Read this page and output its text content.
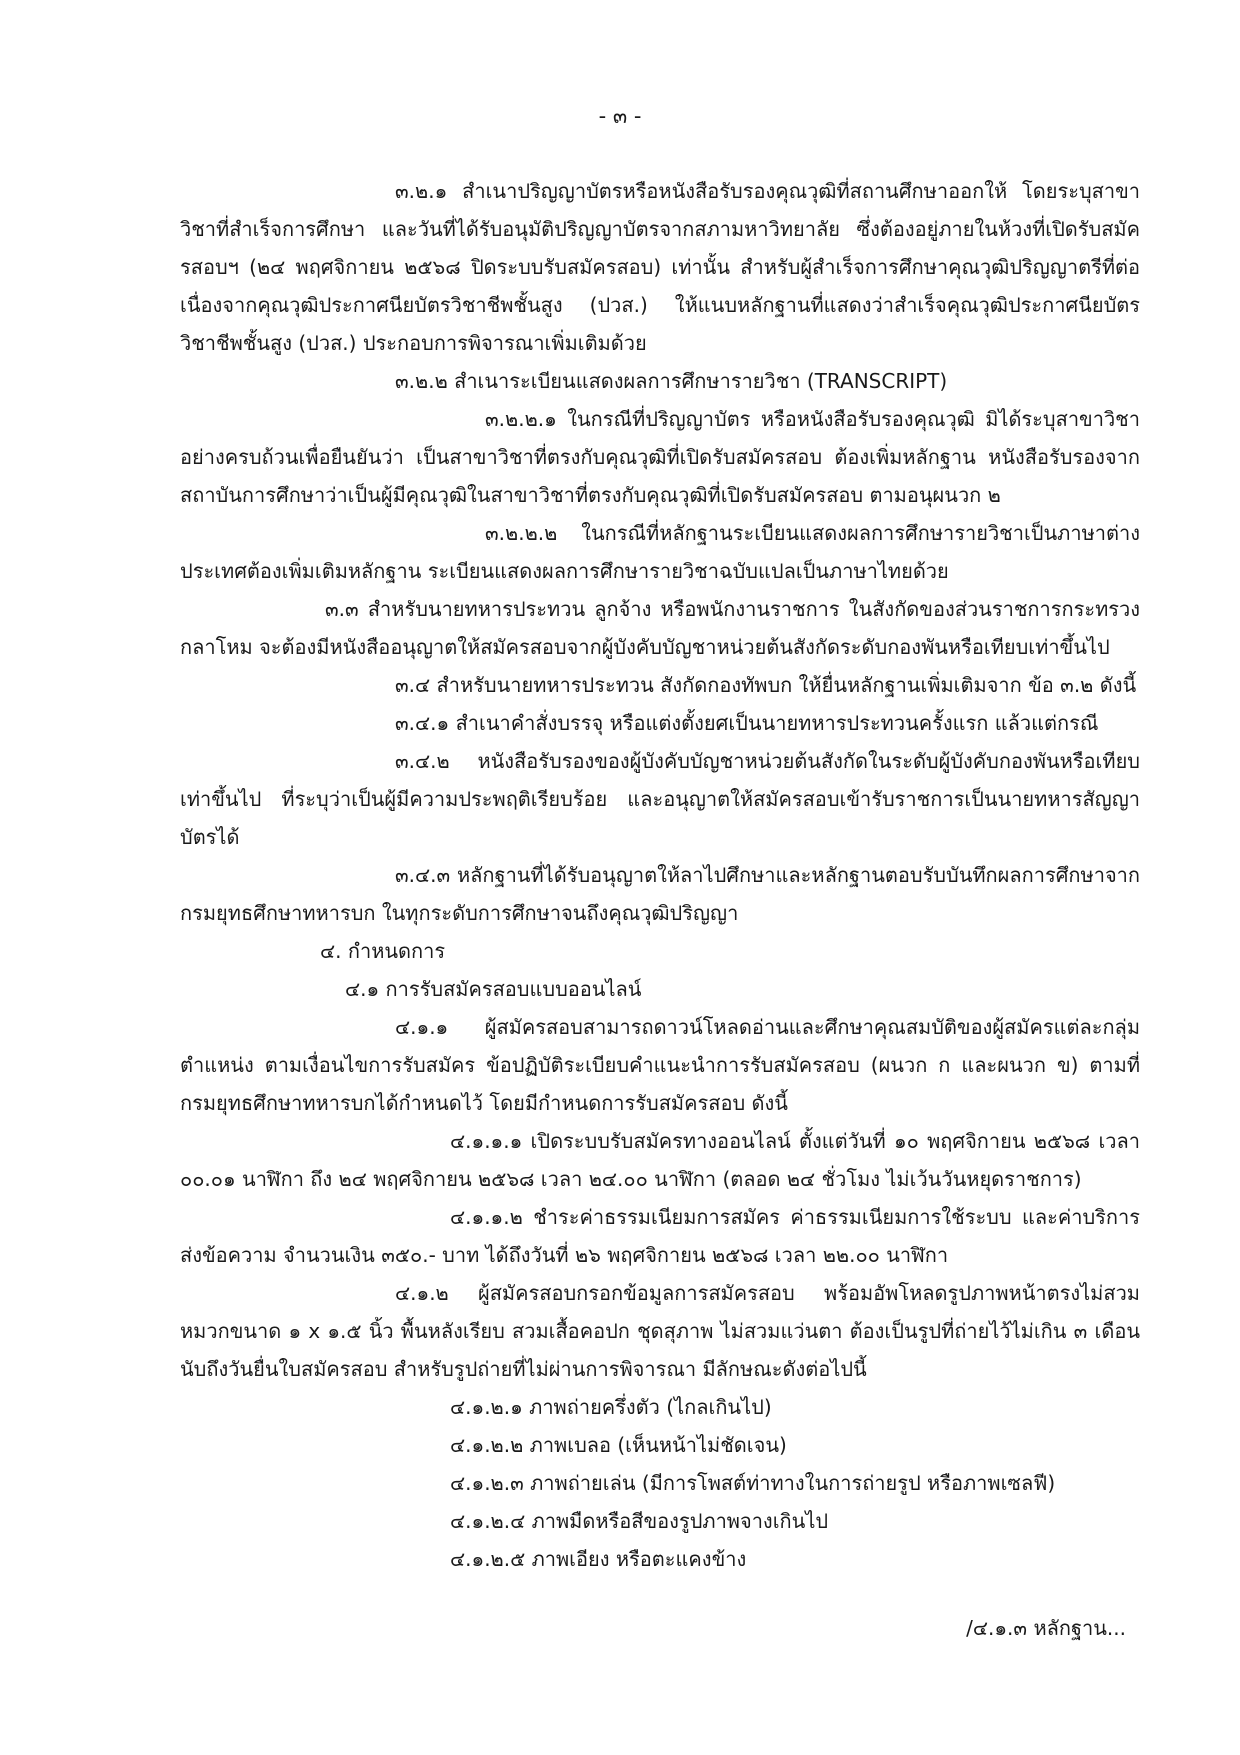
- ๓ -

๓.๒.๑ สำเนาปริญญาบัตรหรือหนังสือรับรองคุณวุฒิที่สถานศึกษาออกให้ โดยระบุสาขาวิชาที่สำเร็จการศึกษา และวันที่ได้รับอนุมัติปริญญาบัตรจากสภามหาวิทยาลัย ซึ่งต้องอยู่ภายในห้วงที่เปิดรับสมัครสอบฯ (๒๔ พฤศจิกายน ๒๕๖๘ ปิดระบบรับสมัครสอบ) เท่านั้น สำหรับผู้สำเร็จการศึกษาคุณวุฒิปริญญาตรีที่ต่อเนื่องจากคุณวุฒิประกาศนียบัตรวิชาชีพชั้นสูง (ปวส.) ให้แนบหลักฐานที่แสดงว่าสำเร็จคุณวุฒิประกาศนียบัตรวิชาชีพชั้นสูง (ปวส.) ประกอบการพิจารณาเพิ่มเติมด้วย

๓.๒.๒ สำเนาระเบียนแสดงผลการศึกษารายวิชา (TRANSCRIPT)

๓.๒.๒.๑ ในกรณีที่ปริญญาบัตร หรือหนังสือรับรองคุณวุฒิ มิได้ระบุสาขาวิชาอย่างครบถ้วนเพื่อยืนยันว่า เป็นสาขาวิชาที่ตรงกับคุณวุฒิที่เปิดรับสมัครสอบ ต้องเพิ่มหลักฐาน หนังสือรับรองจากสถาบันการศึกษาว่าเป็นผู้มีคุณวุฒิในสาขาวิชาที่ตรงกับคุณวุฒิที่เปิดรับสมัครสอบ ตามอนุผนวก ๒

๓.๒.๒.๒ ในกรณีที่หลักฐานระเบียนแสดงผลการศึกษารายวิชาเป็นภาษาต่างประเทศต้องเพิ่มเติมหลักฐาน ระเบียนแสดงผลการศึกษารายวิชาฉบับแปลเป็นภาษาไทยด้วย

๓.๓ สำหรับนายทหารประทวน ลูกจ้าง หรือพนักงานราชการ ในสังกัดของส่วนราชการกระทรวงกลาโหม จะต้องมีหนังสืออนุญาตให้สมัครสอบจากผู้บังคับบัญชาหน่วยต้นสังกัดระดับกองพันหรือเทียบเท่าขึ้นไป

๓.๔ สำหรับนายทหารประทวน สังกัดกองทัพบก ให้ยื่นหลักฐานเพิ่มเติมจาก ข้อ ๓.๒ ดังนี้

๓.๔.๑ สำเนาคำสั่งบรรจุ หรือแต่งตั้งยศเป็นนายทหารประทวนครั้งแรก แล้วแต่กรณี

๓.๔.๒ หนังสือรับรองของผู้บังคับบัญชาหน่วยต้นสังกัดในระดับผู้บังคับกองพันหรือเทียบเท่าขึ้นไป ที่ระบุว่าเป็นผู้มีความประพฤติเรียบร้อย และอนุญาตให้สมัครสอบเข้ารับราชการเป็นนายทหารสัญญาบัตรได้

๓.๔.๓ หลักฐานที่ได้รับอนุญาตให้ลาไปศึกษาและหลักฐานตอบรับบันทึกผลการศึกษาจากกรมยุทธศึกษาทหารบก ในทุกระดับการศึกษาจนถึงคุณวุฒิปริญญา

๔. กำหนดการ

๔.๑ การรับสมัครสอบแบบออนไลน์

๔.๑.๑ ผู้สมัครสอบสามารถดาวน์โหลดอ่านและศึกษาคุณสมบัติของผู้สมัครแต่ละกลุ่มตำแหน่ง ตามเงื่อนไขการรับสมัคร ข้อปฏิบัติระเบียบคำแนะนำการรับสมัครสอบ (ผนวก ก และผนวก ข) ตามที่กรมยุทธศึกษาทหารบกได้กำหนดไว้ โดยมีกำหนดการรับสมัครสอบ ดังนี้

๔.๑.๑.๑ เปิดระบบรับสมัครทางออนไลน์ ตั้งแต่วันที่ ๑๐ พฤศจิกายน ๒๕๖๘ เวลา ๐๐.๐๑ นาฬิกา ถึง ๒๔ พฤศจิกายน ๒๕๖๘ เวลา ๒๔.๐๐ นาฬิกา (ตลอด ๒๔ ชั่วโมง ไม่เว้นวันหยุดราชการ)

๔.๑.๑.๒ ชำระค่าธรรมเนียมการสมัคร ค่าธรรมเนียมการใช้ระบบ และค่าบริการส่งข้อความ จำนวนเงิน ๓๕๐.- บาท ได้ถึงวันที่ ๒๖ พฤศจิกายน ๒๕๖๘ เวลา ๒๒.๐๐ นาฬิกา

๔.๑.๒ ผู้สมัครสอบกรอกข้อมูลการสมัครสอบ พร้อมอัพโหลดรูปภาพหน้าตรงไม่สวมหมวกขนาด ๑ x ๑.๕ นิ้ว พื้นหลังเรียบ สวมเสื้อคอปก ชุดสุภาพ ไม่สวมแว่นตา ต้องเป็นรูปที่ถ่ายไว้ไม่เกิน ๓ เดือนนับถึงวันยื่นใบสมัครสอบ สำหรับรูปถ่ายที่ไม่ผ่านการพิจารณา มีลักษณะดังต่อไปนี้

๔.๑.๒.๑ ภาพถ่ายครึ่งตัว (ไกลเกินไป)

๔.๑.๒.๒ ภาพเบลอ (เห็นหน้าไม่ชัดเจน)

๔.๑.๒.๓ ภาพถ่ายเล่น (มีการโพสต์ท่าทางในการถ่ายรูป หรือภาพเซลฟี)

๔.๑.๒.๔ ภาพมืดหรือสีของรูปภาพจางเกินไป

๔.๑.๒.๕ ภาพเอียง หรือตะแคงข้าง

/๔.๑.๓ หลักฐาน...
